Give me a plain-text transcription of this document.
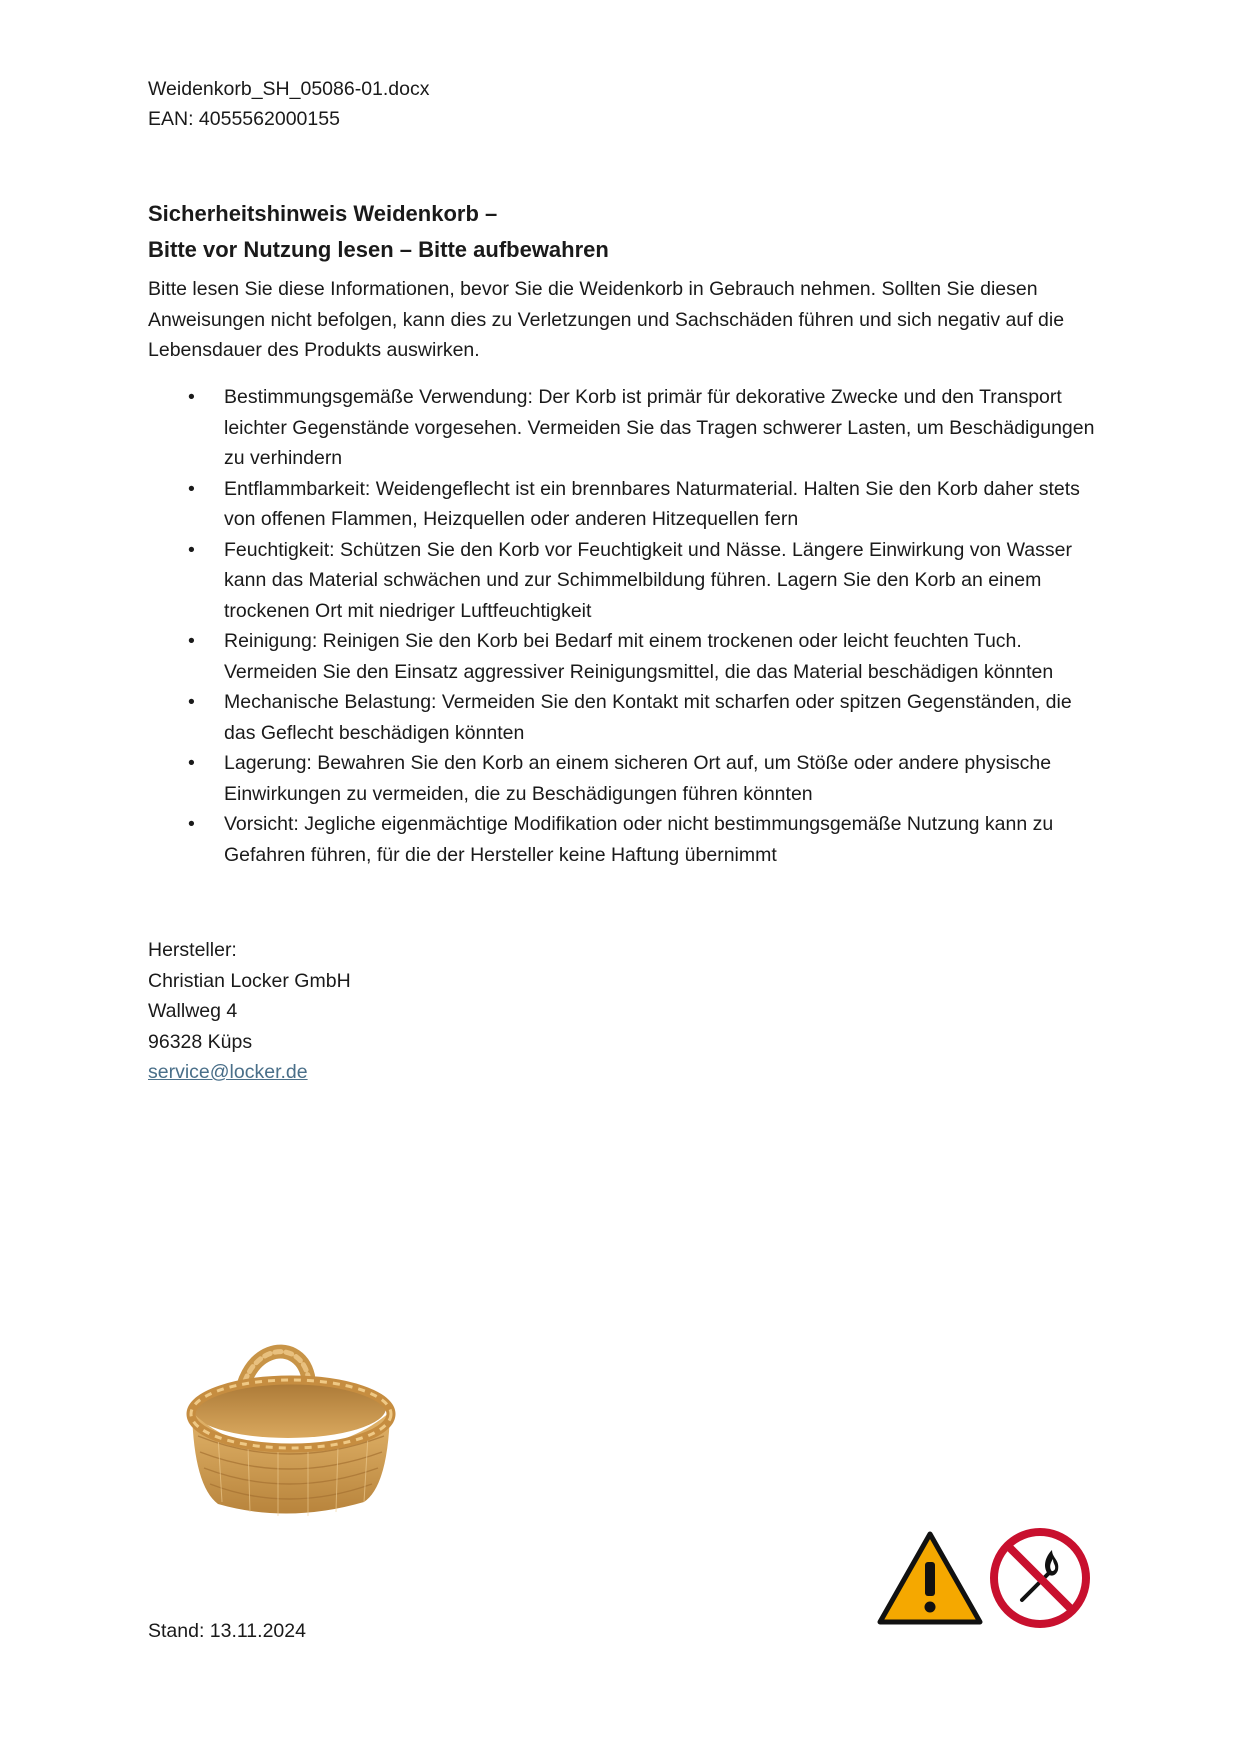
Weidenkorb_SH_05086-01.docx
EAN: 4055562000155
Sicherheitshinweis Weidenkorb –
Bitte vor Nutzung lesen – Bitte aufbewahren
Bitte lesen Sie diese Informationen, bevor Sie die Weidenkorb in Gebrauch nehmen. Sollten Sie diesen Anweisungen nicht befolgen, kann dies zu Verletzungen und Sachschäden führen und sich negativ auf die Lebensdauer des Produkts auswirken.
• Bestimmungsgemäße Verwendung: Der Korb ist primär für dekorative Zwecke und den Transport leichter Gegenstände vorgesehen. Vermeiden Sie das Tragen schwerer Lasten, um Beschädigungen zu verhindern
• Entflammbarkeit: Weidengeflecht ist ein brennbares Naturmaterial. Halten Sie den Korb daher stets von offenen Flammen, Heizquellen oder anderen Hitzequellen fern
• Feuchtigkeit: Schützen Sie den Korb vor Feuchtigkeit und Nässe. Längere Einwirkung von Wasser kann das Material schwächen und zur Schimmelbildung führen. Lagern Sie den Korb an einem trockenen Ort mit niedriger Luftfeuchtigkeit
• Reinigung: Reinigen Sie den Korb bei Bedarf mit einem trockenen oder leicht feuchten Tuch. Vermeiden Sie den Einsatz aggressiver Reinigungsmittel, die das Material beschädigen könnten
• Mechanische Belastung: Vermeiden Sie den Kontakt mit scharfen oder spitzen Gegenständen, die das Geflecht beschädigen könnten
• Lagerung: Bewahren Sie den Korb an einem sicheren Ort auf, um Stöße oder andere physische Einwirkungen zu vermeiden, die zu Beschädigungen führen könnten
• Vorsicht: Jegliche eigenmächtige Modifikation oder nicht bestimmungsgemäße Nutzung kann zu Gefahren führen, für die der Hersteller keine Haftung übernimmt
Hersteller:
Christian Locker GmbH
Wallweg 4
96328 Küps
service@locker.de
Stand: 13.11.2024
